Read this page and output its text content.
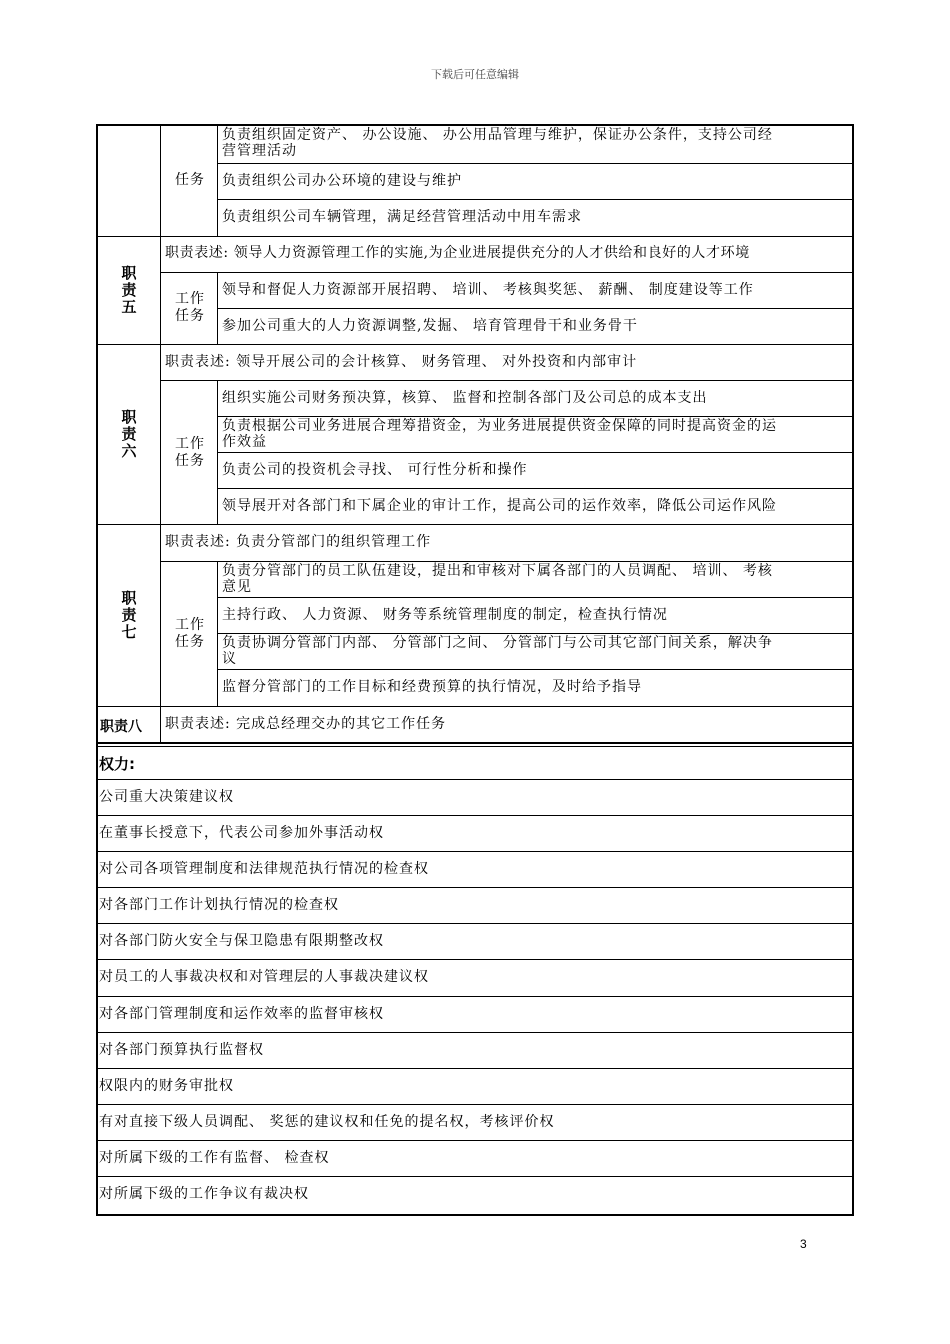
下载后可任意编辑
任务
负责组织固定资产、 办公设施、 办公用品管理与维护，保证办公条件，支持公司经
营管理活动
负责组织公司办公环境的建设与维护
负责组织公司车辆管理，满足经营管理活动中用车需求
职
责
五
职责表述: 领导人力资源管理工作的实施,为企业进展提供充分的人才供给和良好的人才环境
工作
任务
领导和督促人力资源部开展招聘、 培训、 考核與奖惩、 薪酬、 制度建设等工作
参加公司重大的人力资源调整,发掘、 培育管理骨干和业务骨干
职
责
六
职责表述: 领导开展公司的会计核算、 财务管理、 对外投资和内部审计
工作
任务
组织实施公司财务预决算，核算、 监督和控制各部门及公司总的成本支出
负责根据公司业务进展合理筹措资金，为业务进展提供资金保障的同时提高资金的运
作效益
负责公司的投资机会寻找、 可行性分析和操作
领导展开对各部门和下属企业的审计工作，提高公司的运作效率，降低公司运作风险
职
责
七
职责表述: 负责分管部门的组织管理工作
工作
任务
负责分管部门的员工队伍建设，提出和审核对下属各部门的人员调配、 培训、 考核
意见
主持行政、 人力资源、 财务等系统管理制度的制定，检查执行情况
负责协调分管部门内部、 分管部门之间、 分管部门与公司其它部门间关系，解决争
议
监督分管部门的工作目标和经费预算的执行情况，及时给予指导
职责八 职责表述: 完成总经理交办的其它工作任务
权力:
公司重大决策建议权
在董事长授意下，代表公司参加外事活动权
对公司各项管理制度和法律规范执行情况的检查权
对各部门工作计划执行情况的检查权
对各部门防火安全与保卫隐患有限期整改权
对员工的人事裁决权和对管理层的人事裁决建议权
对各部门管理制度和运作效率的监督审核权
对各部门预算执行监督权
权限内的财务审批权
有对直接下级人员调配、 奖惩的建议权和任免的提名权，考核评价权
对所属下级的工作有监督、 检查权
对所属下级的工作争议有裁决权
3
